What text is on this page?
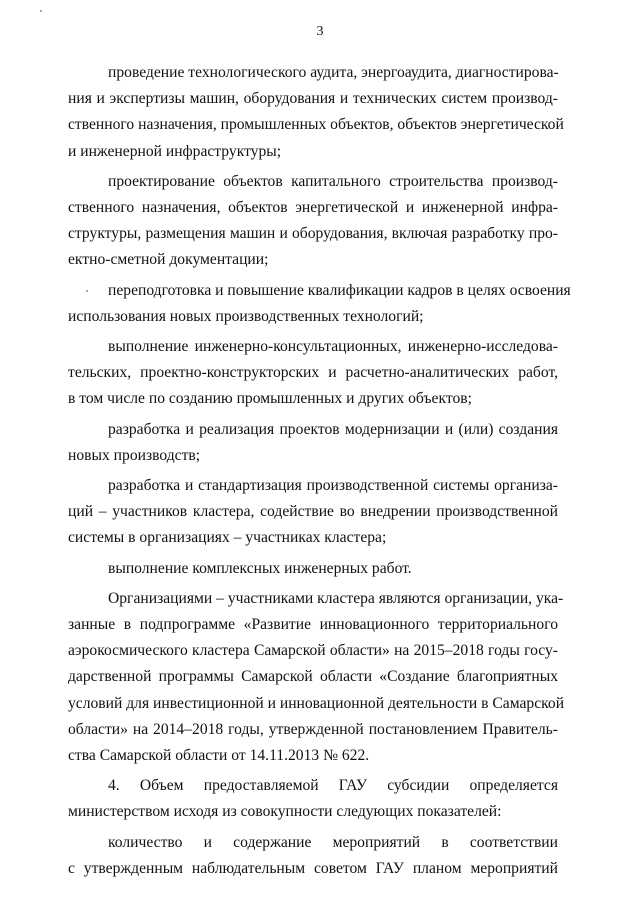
3
проведение технологического аудита, энергоаудита, диагностирова-
ния и экспертизы машин, оборудования и технических систем производ-
ственного назначения, промышленных объектов, объектов энергетической
и инженерной инфраструктуры;
проектирование объектов капитального строительства производ-
ственного назначения, объектов энергетической и инженерной инфра-
структуры, размещения машин и оборудования, включая разработку про-
ектно-сметной документации;
переподготовка и повышение квалификации кадров в целях освоения
использования новых производственных технологий;
выполнение инженерно-консультационных, инженерно-исследова-
тельских, проектно-конструкторских и расчетно-аналитических работ,
в том числе по созданию промышленных и других объектов;
разработка и реализация проектов модернизации и (или) создания
новых производств;
разработка и стандартизация производственной системы организа-
ций – участников кластера, содействие во внедрении производственной
системы в организациях – участниках кластера;
выполнение комплексных инженерных работ.
Организациями – участниками кластера являются организации, ука-
занные в подпрограмме «Развитие инновационного территориального
аэрокосмического кластера Самарской области» на 2015–2018 годы госу-
дарственной программы Самарской области «Создание благоприятных
условий для инвестиционной и инновационной деятельности в Самарской
области» на 2014–2018 годы, утвержденной постановлением Правитель-
ства Самарской области от 14.11.2013 № 622.
4. Объем предоставляемой ГАУ субсидии определяется
министерством исходя из совокупности следующих показателей:
количество и содержание мероприятий в соответствии
с утвержденным наблюдательным советом ГАУ планом мероприятий
